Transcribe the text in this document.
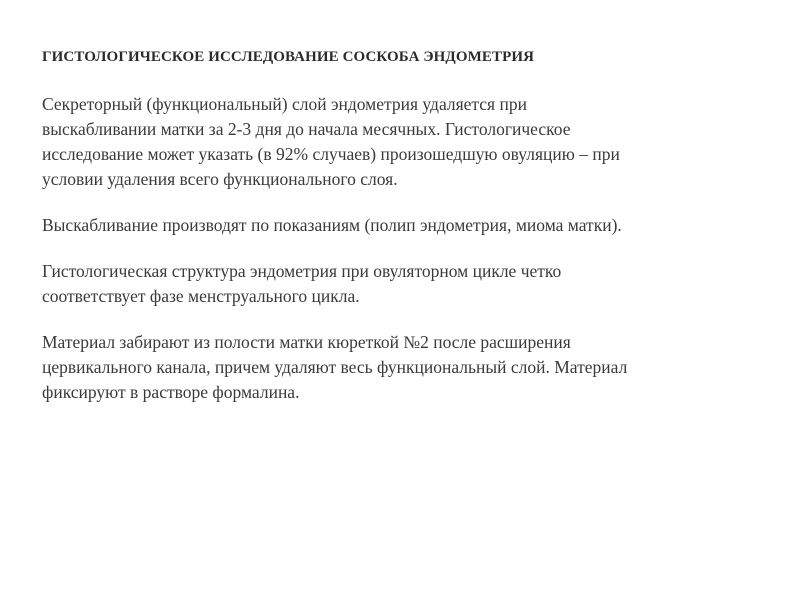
ГИСТОЛОГИЧЕСКОЕ ИССЛЕДОВАНИЕ СОСКОБА ЭНДОМЕТРИЯ

Секреторный (функциональный) слой эндометрия удаляется при
выскабливании матки за 2-3 дня до начала месячных. Гистологическое
исследование может указать (в 92% случаев) произошедшую овуляцию – при
условии удаления всего функционального слоя.

Выскабливание производят по показаниям (полип эндометрия, миома матки).

Гистологическая структура эндометрия при овуляторном цикле четко
соответствует фазе менструального цикла.

Материал забирают из полости матки кюреткой №2 после расширения
цервикального канала, причем удаляют весь функциональный слой. Материал
фиксируют в растворе формалина.
